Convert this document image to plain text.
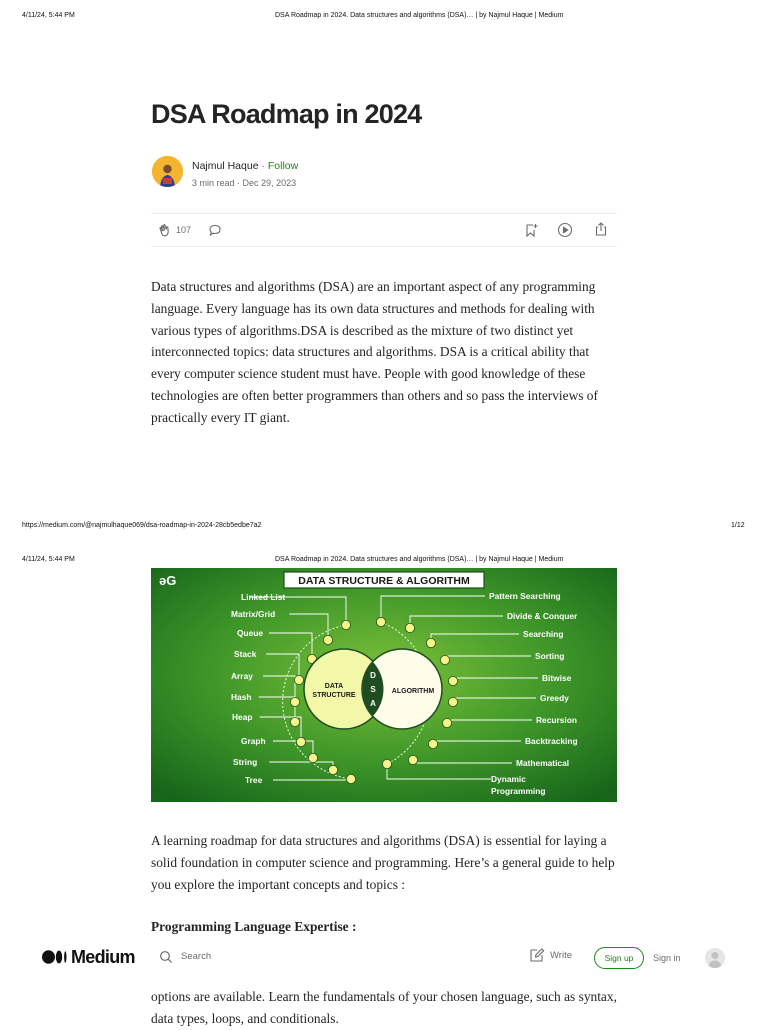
4/11/24, 5:44 PM	DSA Roadmap in 2024. Data structures and algorithms (DSA)… | by Najmul Haque | Medium
DSA Roadmap in 2024
Najmul Haque · Follow
3 min read · Dec 29, 2023
107
Data structures and algorithms (DSA) are an important aspect of any programming language. Every language has its own data structures and methods for dealing with various types of algorithms.DSA is described as the mixture of two distinct yet interconnected topics: data structures and algorithms. DSA is a critical ability that every computer science student must have. People with good knowledge of these technologies are often better programmers than others and so pass the interviews of practically every IT giant.
https://medium.com/@najmulhaque069/dsa-roadmap-in-2024-28cb5edbe7a2	1/12
4/11/24, 5:44 PM	DSA Roadmap in 2024. Data structures and algorithms (DSA)… | by Najmul Haque | Medium
əG	DATA STRUCTURE & ALGORITHM
DATA
STRUCTURE
D
S
A
ALGORITHM
Linked List
Matrix/Grid
Queue
Stack
Array
Hash
Heap
Graph
String
Tree
Pattern Searching
Divide & Conquer
Searching
Sorting
Bitwise
Greedy
Recursion
Backtracking
Mathematical
Dynamic
Programming
A learning roadmap for data structures and algorithms (DSA) is essential for laying a solid foundation in computer science and programming. Here’s a general guide to help you explore the important concepts and topics :
Programming Language Expertise :
options are available. Learn the fundamentals of your chosen language, such as syntax, data types, loops, and conditionals.
Medium	Search	Write	Sign up	Sign in
